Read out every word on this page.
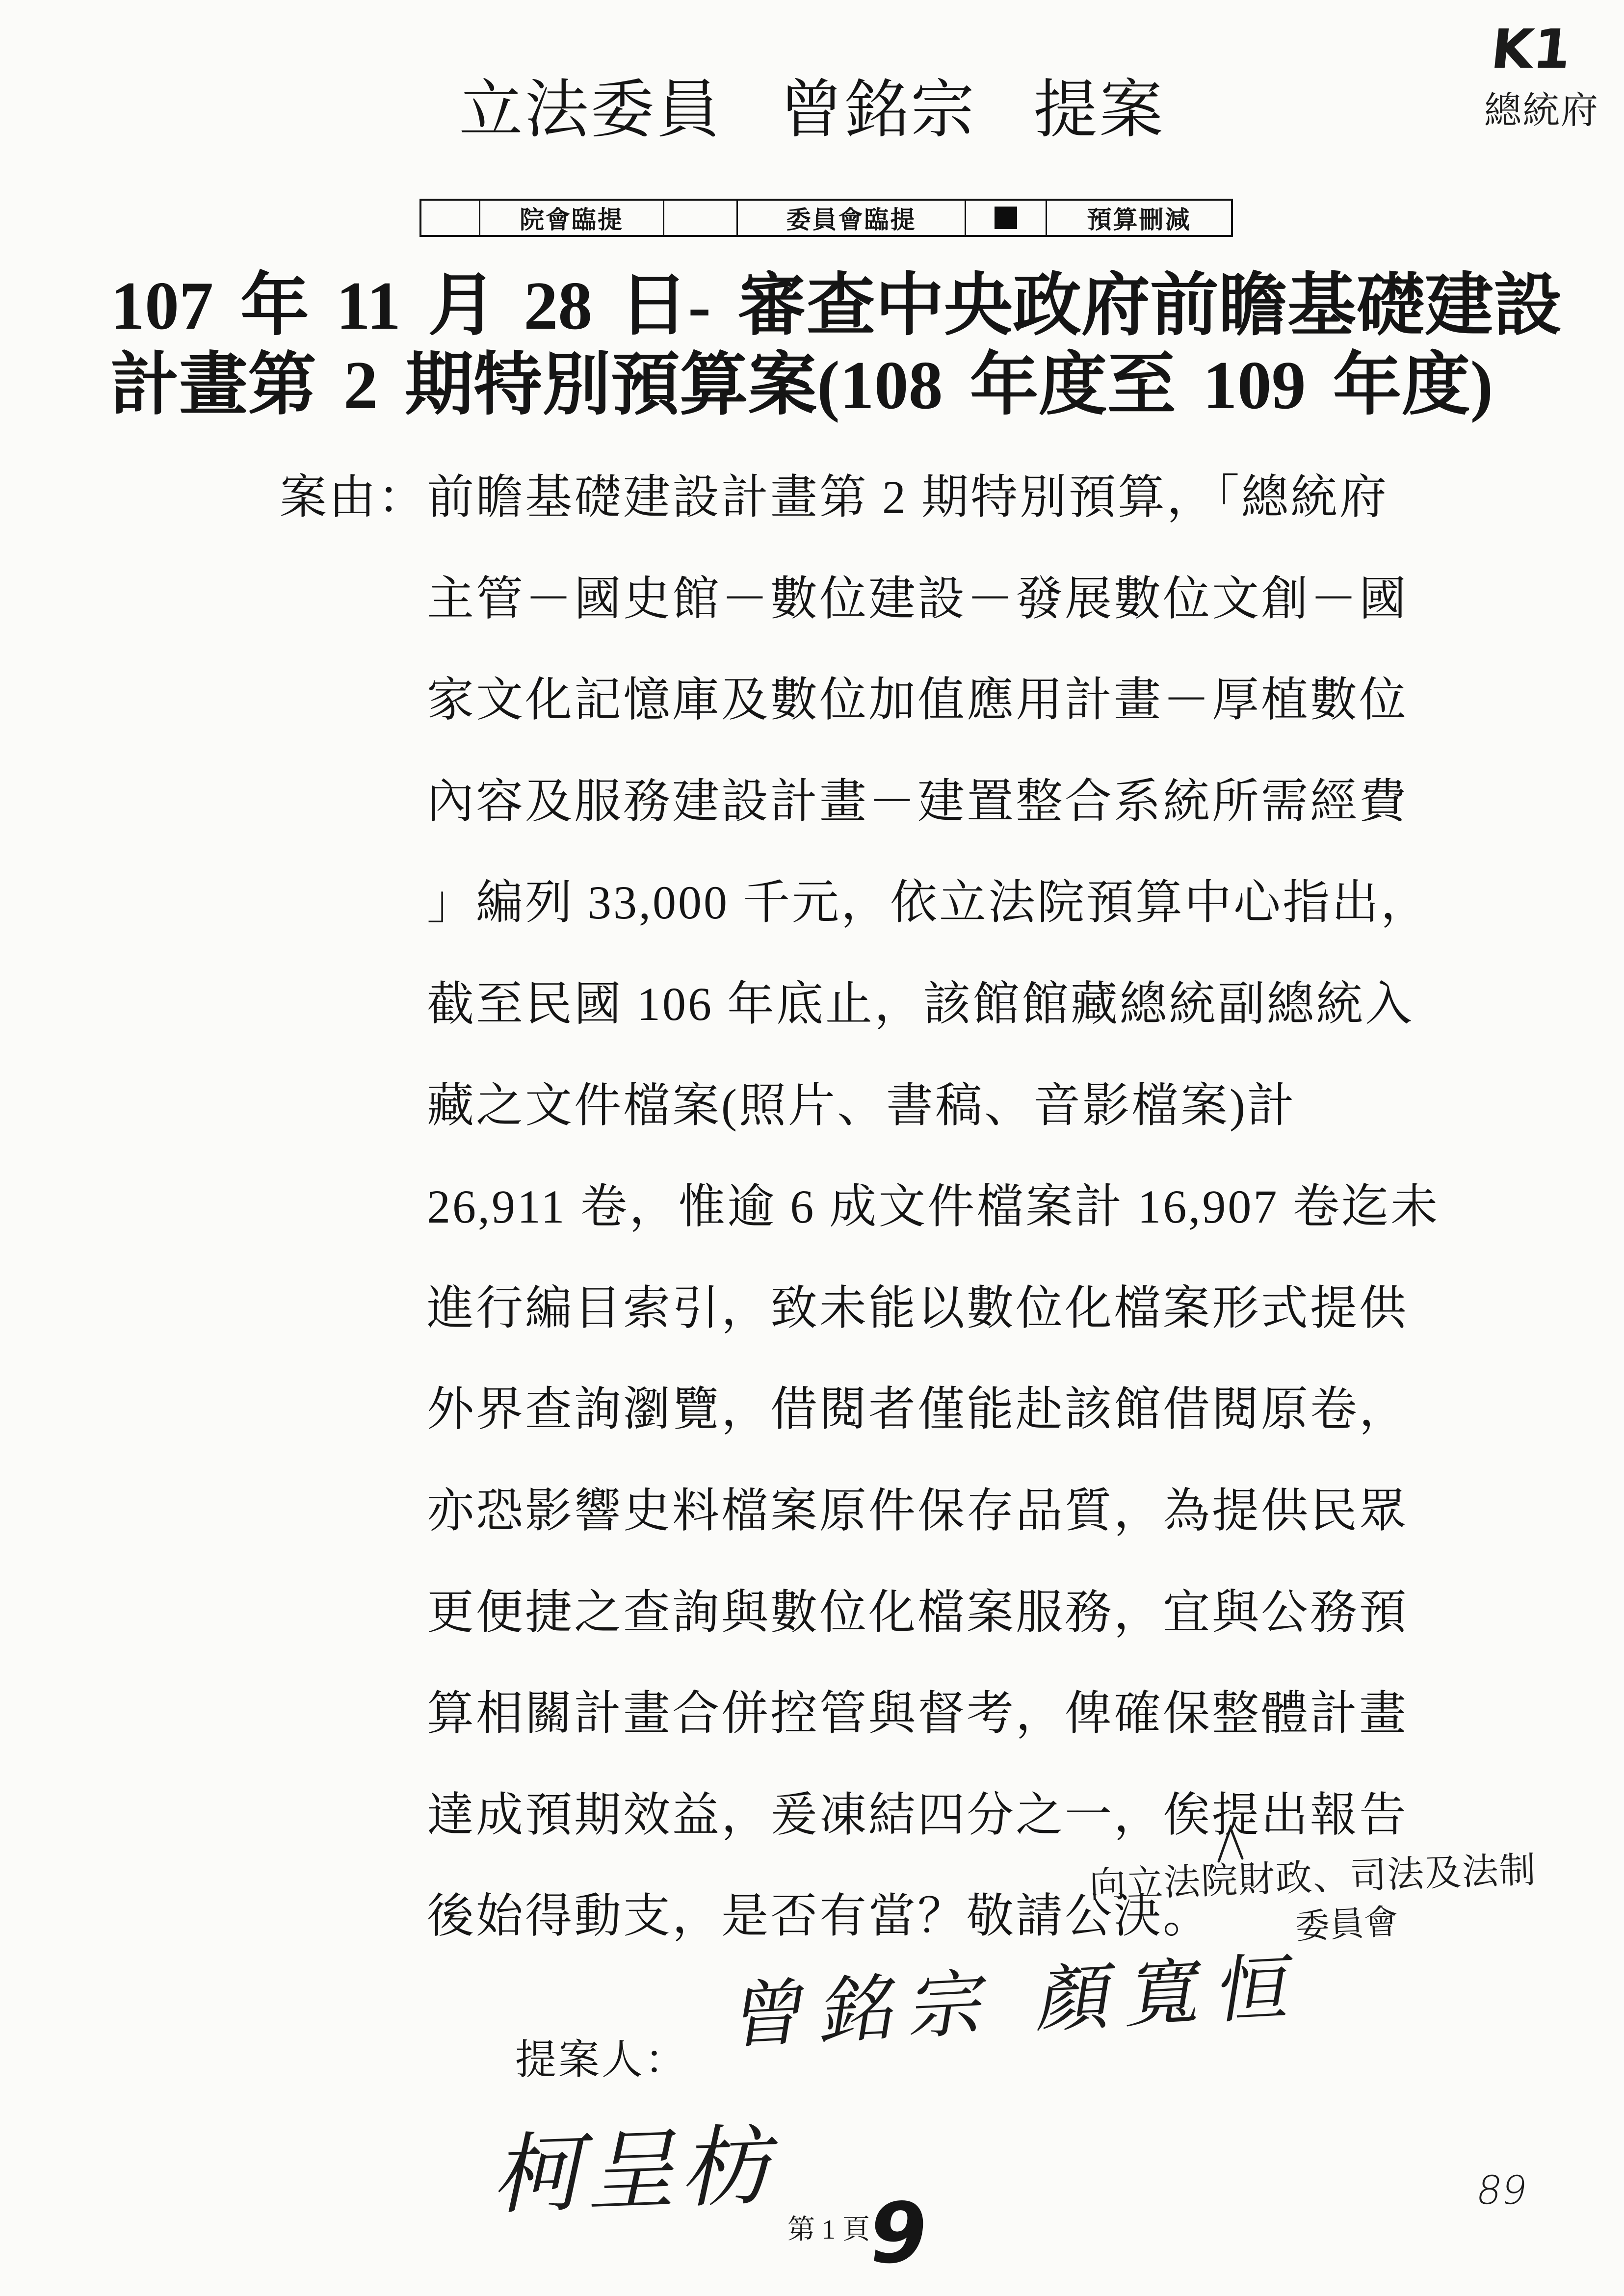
K1
總統府
立法委員 曾銘宗 提案
院會臨提	委員會臨提	預算刪減
107 年 11 月 28 日- 審查中央政府前瞻基礎建設
計畫第 2 期特別預算案(108 年度至 109 年度)
案由： 前瞻基礎建設計畫第 2 期特別預算，「總統府
主管－國史館－數位建設－發展數位文創－國
家文化記憶庫及數位加值應用計畫－厚植數位
內容及服務建設計畫－建置整合系統所需經費
」編列 33,000 千元，依立法院預算中心指出，
截至民國 106 年底止，該館館藏總統副總統入
藏之文件檔案(照片、書稿、音影檔案)計
26,911 卷，惟逾 6 成文件檔案計 16,907 卷迄未
進行編目索引，致未能以數位化檔案形式提供
外界查詢瀏覽，借閱者僅能赴該館借閱原卷，
亦恐影響史料檔案原件保存品質，為提供民眾
更便捷之查詢與數位化檔案服務，宜與公務預
算相關計畫合併控管與督考，俾確保整體計畫
達成預期效益，爰凍結四分之一，俟提出報告
後始得動支，是否有當？敬請公決。
向立法院財政、司法及法制
委員會
曾銘宗 顏寬恒
提案人：
柯呈枋
第 1 頁
9	89
